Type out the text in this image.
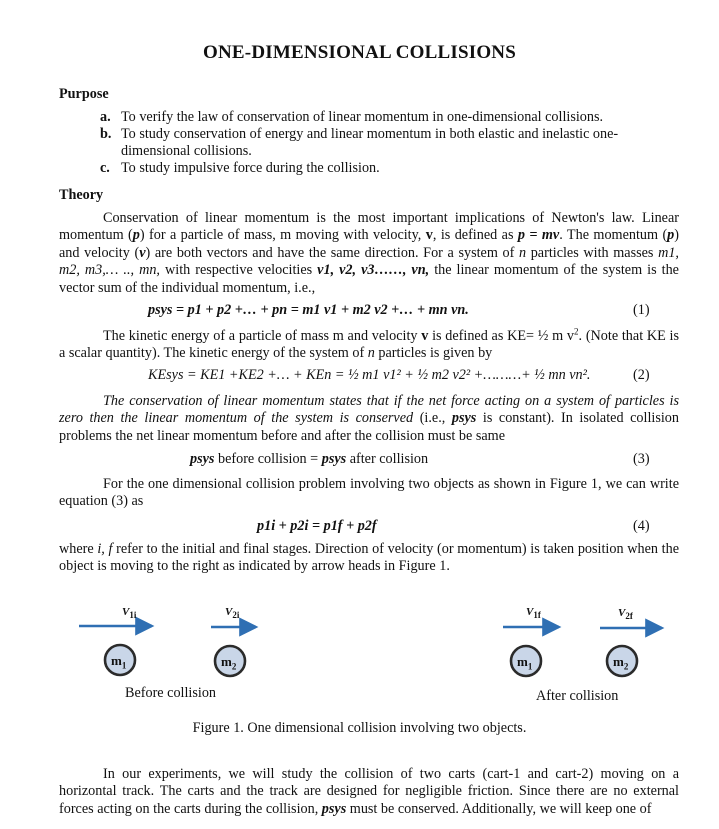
ONE-DIMENSIONAL COLLISIONS
Purpose
a. To verify the law of conservation of linear momentum in one-dimensional collisions.
b. To study conservation of energy and linear momentum in both elastic and inelastic one-dimensional collisions.
c. To study impulsive force during the collision.
Theory
Conservation of linear momentum is the most important implications of Newton's law. Linear momentum (p) for a particle of mass, m moving with velocity, v, is defined as p = mv. The momentum (p) and velocity (v) are both vectors and have the same direction. For a system of n particles with masses m1, m2, m3,… .., mn, with respective velocities v1, v2, v3……, vn, the linear momentum of the system is the vector sum of the individual momentum, i.e.,
psys = p1 + p2 +… + pn = m1 v1 + m2 v2 +… + mn vn.	(1)
The kinetic energy of a particle of mass m and velocity v is defined as KE= ½ m $v^2$. (Note that KE is a scalar quantity). The kinetic energy of the system of n particles is given by
KEsys = KE1 +KE2 +… + KEn = ½ m1 v1² + ½ m2 v2² +………+ ½ mn vn².	(2)
The conservation of linear momentum states that if the net force acting on a system of particles is zero then the linear momentum of the system is conserved (i.e., psys is constant). In isolated collision problems the net linear momentum before and after the collision must be same
psys before collision = psys after collision	(3)
For the one dimensional collision problem involving two objects as shown in Figure 1, we can write equation (3) as
p1i + p2i = p1f + p2f	(4)
where i, f refer to the initial and final stages. Direction of velocity (or momentum) is taken position when the object is moving to the right as indicated by arrow heads in Figure 1.
$V_{1i}$	$V_{2i}$	$V_{1f}$	$V_{2f}$
$m_1$	$m_2$	$m_1$	$m_2$
Before collision	After collision
Figure 1. One dimensional collision involving two objects.
In our experiments, we will study the collision of two carts (cart-1 and cart-2) moving on a horizontal track. The carts and the track are designed for negligible friction. Since there are no external forces acting on the carts during the collision, psys must be conserved. Additionally, we will keep one of
